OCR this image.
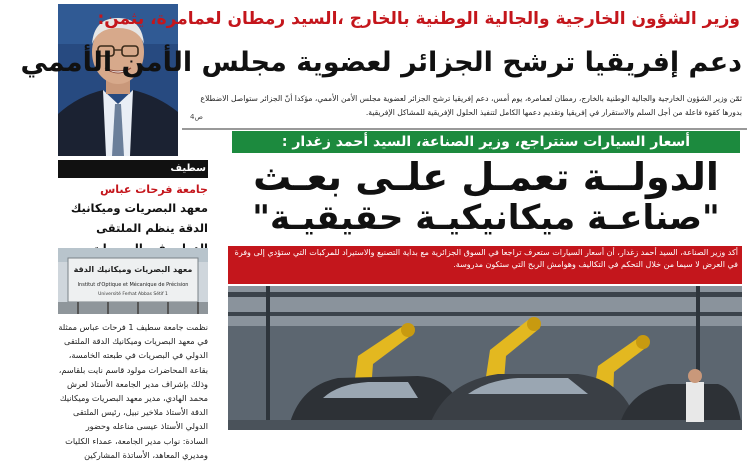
وزير الشؤون الخارجية والجالية الوطنية بالخارج ،السيد رمطان لعمامرة، يثمن:
دعم إفريقيا ترشح الجزائر لعضوية مجلس الأمن الأممي
ثمّن وزير الشؤون الخارجية والجالية الوطنية بالخارج، رمطان لعمامرة، يوم أمس، دعم إفريقيا ترشح الجزائر لعضوية مجلس الأمن الأممي، مؤكدا أنّ الجزائر ستواصل الاضطلاع بدورها كقوة فاعلة من أجل السلم والاستقرار في إفريقيا وتقديم دعمها الكامل لتنفيذ الحلول الإفريقية للمشاكل الإفريقية.
ص4
أسعار السيارات ستتراجع، وزير الصناعة، السيد أحمد زغدار :
الدولــة تعمـل علـى بعـث
"صناعـة ميكانيكيـة حقيقيـة"
أكد وزير الصناعة، السيد أحمد زغدار، أن أسعار السيارات ستعرف تراجعا في السوق الجزائرية مع بداية التصنيع والاستيراد للمركبات التي ستؤدي إلى وفرة في العرض لا سيما من خلال التحكم في التكاليف وهوامش الربح التي ستكون مدروسة.
سطيف
جامعة فرحات عباس
معهد البصريات وميكانيك الدقة ينظم الملتقى
معهد البصريات وميكانيك الدقة
Institut d'Optique et Mécanique de Précision
Université Ferhat Abbas Sétif 1
نظمت جامعة سطيف 1 فرحات عباس ممثلة في معهد البصريات وميكانيك الدقة الملتقى الدولي في البصريات في طبعته الخامسة، بقاعة المحاضرات مولود قاسم نايت بلقاسم، وذلك بإشراف مدير الجامعة الأستاذ لعرش محمد الهادي، مدير معهد البصريات وميكانيك الدقة الأستاذ ملاخير نبيل، رئيس الملتقى الدولي الأستاذ عيسى مناعله وحضور السادة: نواب مدير الجامعة، عمداء الكليات ومديري المعاهد، الأساتذة المشاركين
